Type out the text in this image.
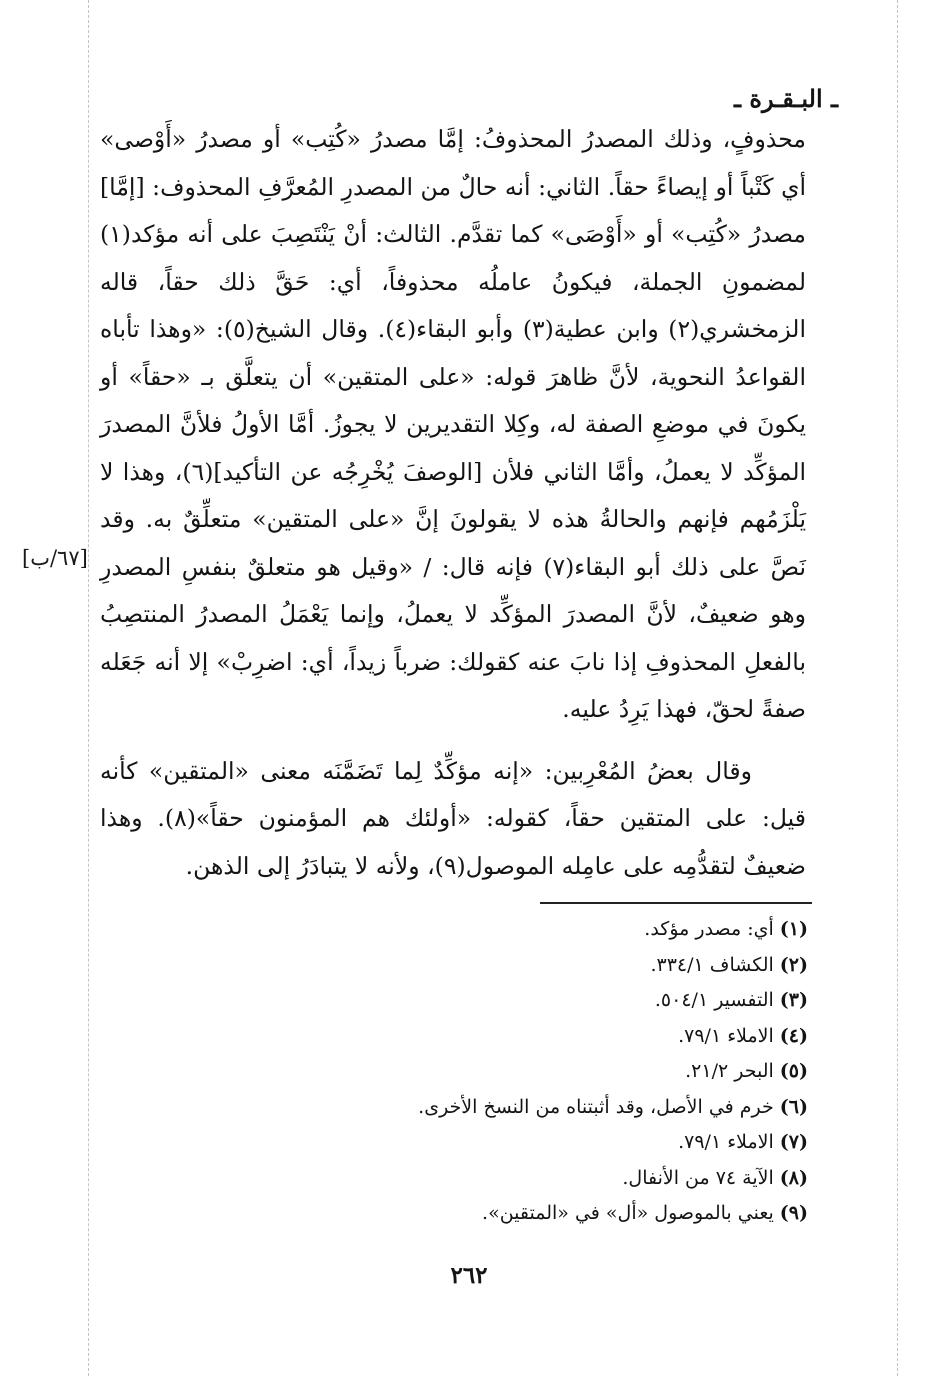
ـ البـقـرة ـ

محذوفٍ، وذلك المصدرُ المحذوفُ: إمَّا مصدرُ «كُتِب» أو مصدرُ «أَوْصى» أي كَتْباً أو إيصاءً حقاً. الثاني: أنه حالٌ من المصدرِ المُعرَّفِ المحذوف: [إمَّا] مصدرُ «كُتِب» أو «أَوْصَى» كما تقدَّم. الثالث: أنْ يَنْتَصِبَ على أنه مؤكد(١) لمضمونِ الجملة، فيكونُ عاملُه محذوفاً، أي: حَقَّ ذلك حقاً، قاله الزمخشري(٢) وابن عطية(٣) وأبو البقاء(٤). وقال الشيخ(٥): «وهذا تأباه القواعدُ النحوية، لأنَّ ظاهرَ قوله: «على المتقين» أن يتعلَّق بـ «حقاً» أو يكونَ في موضعِ الصفة له، وكِلا التقديرين لا يجوزُ. أمَّا الأولُ فلأنَّ المصدرَ المؤكِّد لا يعملُ، وأمَّا الثاني فلأن [الوصفَ يُخْرِجُه عن التأكيد](٦)، وهذا لا يَلْزَمُهم فإنهم والحالةُ هذه لا يقولونَ إنَّ «على المتقين» متعلِّقٌ به. وقد نَصَّ على ذلك أبو البقاء(٧) فإنه قال: / «وقيل هو متعلقٌ بنفسِ المصدرِ وهو ضعيفٌ، لأنَّ المصدرَ المؤكِّد لا يعملُ، وإنما يَعْمَلُ المصدرُ المنتصِبُ بالفعلِ المحذوفِ إذا نابَ عنه كقولك: ضرباً زيداً، أي: اضرِبْ» إلا أنه جَعَله صفةً لحقّ، فهذا يَرِدُ عليه.

وقال بعضُ المُعْرِبين: «إنه مؤكِّدٌ لِما تَضَمَّنَه معنى «المتقين» كأنه قيل: على المتقين حقاً، كقوله: «أولئك هم المؤمنون حقاً»(٨). وهذا ضعيفٌ لتقدُّمِه على عامِله الموصول(٩)، ولأنه لا يتبادَرُ إلى الذهن.

[٦٧/ب]
(١)أي: مصدر مؤكد.
(٢)الكشاف ٣٣٤/١.
(٣)التفسير ٥٠٤/١.
(٤)الاملاء ٧٩/١.
(٥)البحر ٢١/٢.
(٦)خرم في الأصل، وقد أثبتناه من النسخ الأخرى.
(٧)الاملاء ٧٩/١.
(٨)الآية ٧٤ من الأنفال.
(٩)يعني بالموصول «أل» في «المتقين».
٢٦٢
